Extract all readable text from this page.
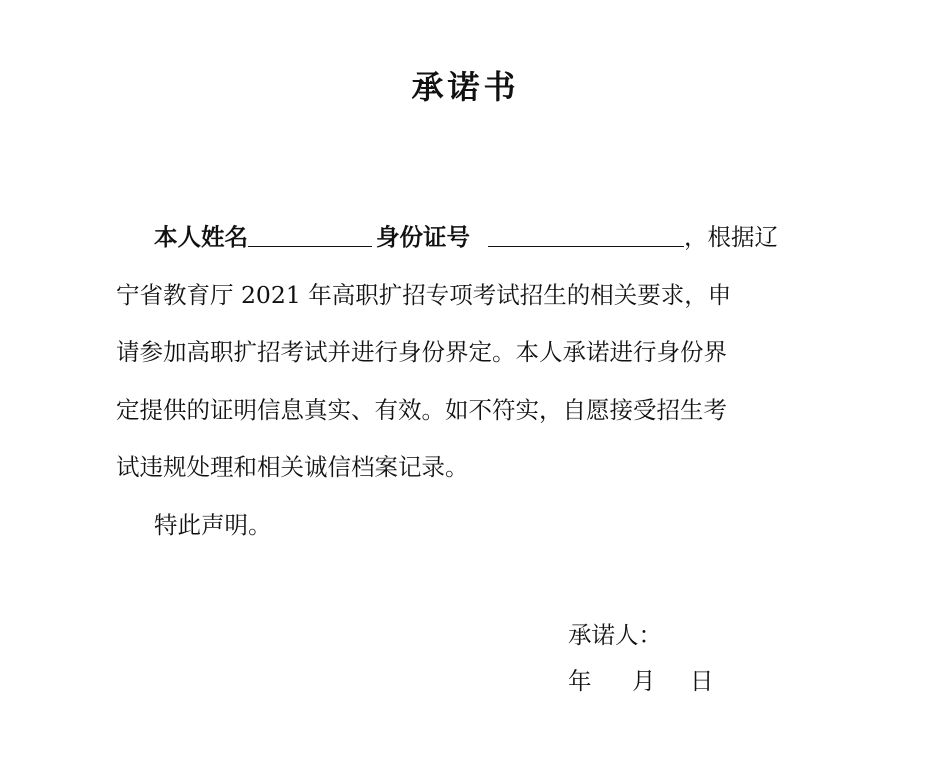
承诺书
本人姓名	身份证号	，根据辽
宁省教育厅 2021 年高职扩招专项考试招生的相关要求，申
请参加高职扩招考试并进行身份界定。本人承诺进行身份界
定提供的证明信息真实、有效。如不符实，自愿接受招生考
试违规处理和相关诚信档案记录。
特此声明。
承诺人：
年	月	日
